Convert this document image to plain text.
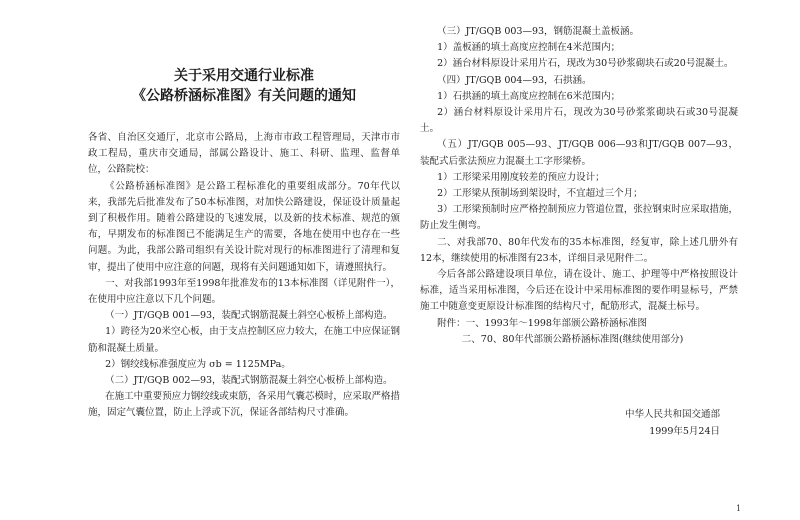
关于采用交通行业标准

《公路桥涵标准图》有关问题的通知

各省、自治区交通厅，北京市公路局，上海市市政工程管理局，天津市市政工程局，重庆市交通局，部属公路设计、施工、科研、监理、监督单位，公路院校：

《公路桥涵标准图》是公路工程标准化的重要组成部分。70年代以来，我部先后批准发布了50本标准图，对加快公路建设，保证设计质量起到了积极作用。随着公路建设的飞速发展，以及新的技术标准、规范的颁布，早期发布的标准图已不能满足生产的需要，各地在使用中也存在一些问题。为此，我部公路司组织有关设计院对现行的标准图进行了清理和复审，提出了使用中应注意的问题，现将有关问题通知如下，请遵照执行。

一、对我部1993年至1998年批准发布的13本标准图（详见附件一），在使用中应注意以下几个问题。

（一）JT/GQB 001—93，装配式钢筋混凝土斜空心板桥上部构造。

1）跨径为20米空心板，由于支点控制区应力较大，在施工中应保证钢筋和混凝土质量。

2）钢绞线标准强度应为 σb = 1125MPa。

（二）JT/GQB 002—93，装配式钢筋混凝土斜空心板桥上部构造。

在施工中重要预应力钢绞线或束筋，各采用气囊芯模时，应采取严格措施，固定气囊位置，防止上浮或下沉，保证各部结构尺寸准确。

（三）JT/GQB 003—93，钢筋混凝土盖板涵。

1）盖板涵的填土高度应控制在4米范围内；

2）涵台材料原设计采用片石，现改为30号砂浆砌块石或20号混凝土。

（四）JT/GQB 004—93，石拱涵。

1）石拱涵的填土高度应控制在6米范围内；

2）涵台材料原设计采用片石，现改为30号砂浆浆砌块石或30号混凝土。

（五）JT/GQB 005—93、JT/GQB 006—93和JT/GQB 007—93，装配式后张法预应力混凝土工字形梁桥。

1）工形梁采用刚度较差的预应力设计；

2）工形梁从预制场到架设时，不宜超过三个月；

3）工形梁预制时应严格控制预应力管道位置，张拉钢束时应采取措施，防止发生侧弯。

二、对我部70、80年代发布的35本标准图，经复审，除上述几册外有12本，继续使用的标准图有23本，详细目录见附件二。

今后各部公路建设项目单位，请在设计、施工、护理等中严格按照设计标准，适当采用标准图，今后还在设计中采用标准图的要作明显标号，严禁施工中随意变更原设计标准图的结构尺寸，配筋形式，混凝土标号。

附件：一、1993年～1998年部颁公路桥涵标准图

二、70、80年代部颁公路桥涵标准图(继续使用部分)

中华人民共和国交通部
1999年5月24日
1
